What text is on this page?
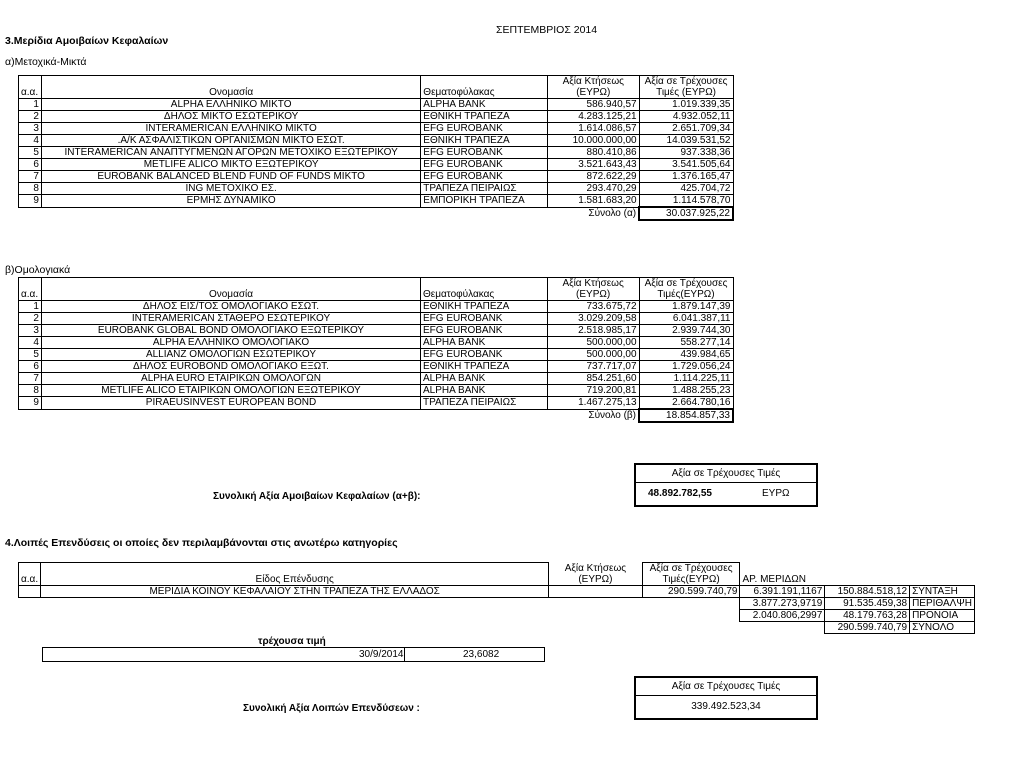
3.Μερίδια Αμοιβαίων Κεφαλαίων
ΣΕΠΤΕΜΒΡΙΟΣ 2014
α)Μετοχικά-Μικτά
			Αξία Κτήσεως	Αξία σε Τρέχουσες
α.α.	Ονομασία	Θεματοφύλακας	(ΕΥΡΩ)	Τιμές (ΕΥΡΩ)
1	ALPHA ΕΛΛΗΝΙΚΟ ΜΙΚΤΟ	ALPHA BANK	586.940,57	1.019.339,35
2	ΔΗΛΟΣ ΜΙΚΤΟ ΕΣΩΤΕΡΙΚΟΥ	ΕΘΝΙΚΗ ΤΡΑΠΕΖΑ	4.283.125,21	4.932.052,11
3	INTERAMERICAN ΕΛΛΗΝΙΚΟ ΜΙΚΤΟ	EFG EUROBANK	1.614.086,57	2.651.709,34
4	.Α/Κ ΑΣΦΑΛΙΣΤΙΚΩΝ ΟΡΓΑΝΙΣΜΩΝ ΜΙΚΤΟ ΕΣΩΤ.	ΕΘΝΙΚΗ ΤΡΑΠΕΖΑ	10.000.000,00	14.039.531,52
5	INTERAMERICAN ΑΝΑΠΤΥΓΜΕΝΩΝ ΑΓΟΡΩΝ ΜΕΤΟΧΙΚΟ ΕΞΩΤΕΡΙΚΟΥ	EFG EUROBANK	880.410,86	937.338,36
6	METLIFE ALICO ΜΙΚΤΟ ΕΞΩΤΕΡΙΚΟΥ	EFG EUROBANK	3.521.643,43	3.541.505,64
7	EUROBANK BALANCED BLEND FUND OF FUNDS MIKTO	EFG EUROBANK	872.622,29	1.376.165,47
8	ING ΜΕΤΟΧΙΚΟ ΕΣ.	ΤΡΑΠΕΖΑ ΠΕΙΡΑΙΩΣ	293.470,29	425.704,72
9	ΕΡΜΗΣ ΔΥΝΑΜΙΚΟ	ΕΜΠΟΡΙΚΗ ΤΡΑΠΕΖΑ	1.581.683,20	1.114.578,70
			Σύνολο (α)	30.037.925,22
β)Ομολογιακά
			Αξία Κτήσεως	Αξία σε Τρέχουσες
α.α.	Ονομασία	Θεματοφύλακας	(ΕΥΡΩ)	Τιμές(ΕΥΡΩ)
1	ΔΗΛΟΣ ΕΙΣ/ΤΟΣ ΟΜΟΛΟΓΙΑΚΟ ΕΣΩΤ.	ΕΘΝΙΚΗ ΤΡΑΠΕΖΑ	733.675,72	1.879.147,39
2	INTERAMERICAN ΣΤΑΘΕΡΟ ΕΣΩΤΕΡΙΚΟΥ	EFG EUROBANK	3.029.209,58	6.041.387,11
3	EUROBANK GLOBAL BOND ΟΜΟΛΟΓΙΑΚΟ ΕΞΩΤΕΡΙΚΟΥ	EFG EUROBANK	2.518.985,17	2.939.744,30
4	ALPHA ΕΛΛΗΝΙΚΟ ΟΜΟΛΟΓΙΑΚΟ	ALPHA BANK	500.000,00	558.277,14
5	ALLIANZ ΟΜΟΛΟΓΙΩΝ ΕΣΩΤΕΡΙΚΟΥ	EFG EUROBANK	500.000,00	439.984,65
6	ΔΗΛΟΣ EUROBOND ΟΜΟΛΟΓΙΑΚΟ ΕΞΩΤ.	ΕΘΝΙΚΗ ΤΡΑΠΕΖΑ	737.717,07	1.729.056,24
7	ALPHA EURO ΕΤΑΙΡΙΚΩΝ ΟΜΟΛΟΓΩΝ	ALPHA BANK	854.251,60	1.114.225,11
8	METLIFE ALICO ΕΤΑΙΡΙΚΩΝ ΟΜΟΛΟΓΙΩΝ ΕΞΩΤΕΡΙΚΟΥ	ALPHA BANK	719.200,81	1.488.255,23
9	PIRAEUSINVEST EUROPEAN BOND	ΤΡΑΠΕΖΑ ΠΕΙΡΑΙΩΣ	1.467.275,13	2.664.780,16
			Σύνολο (β)	18.854.857,33
Αξία σε Τρέχουσες Τιμές
48.892.782,55	ΕΥΡΩ
Συνολική Αξία Αμοιβαίων Κεφαλαίων (α+β):
4.Λοιπές Επενδύσεις οι οποίες δεν περιλαμβάνονται στις ανωτέρω κατηγορίες
		Αξία Κτήσεως	Αξία σε Τρέχουσες			
α.α.	Είδος Επένδυσης	(ΕΥΡΩ)	Τιμές(ΕΥΡΩ)	ΑΡ. ΜΕΡΙΔΩΝ		
	ΜΕΡΙΔΙΑ ΚΟΙΝΟΥ ΚΕΦΑΛΑΙΟΥ ΣΤΗΝ ΤΡΑΠΕΖΑ ΤΗΣ ΕΛΛΑΔΟΣ		290.599.740,79	6.391.191,1167	150.884.518,12	ΣΥΝΤΑΞΗ
				3.877.273,9719	91.535.459,38	ΠΕΡΙΘΑΛΨΗ
				2.040.806,2997	48.179.763,28	ΠΡΟΝΟΙΑ
					290.599.740,79	ΣΥΝΟΛΟ
τρέχουσα τιμή
30/9/2014	23,6082
Αξία σε Τρέχουσες Τιμές
339.492.523,34
Συνολική Αξία Λοιπών Επενδύσεων :
